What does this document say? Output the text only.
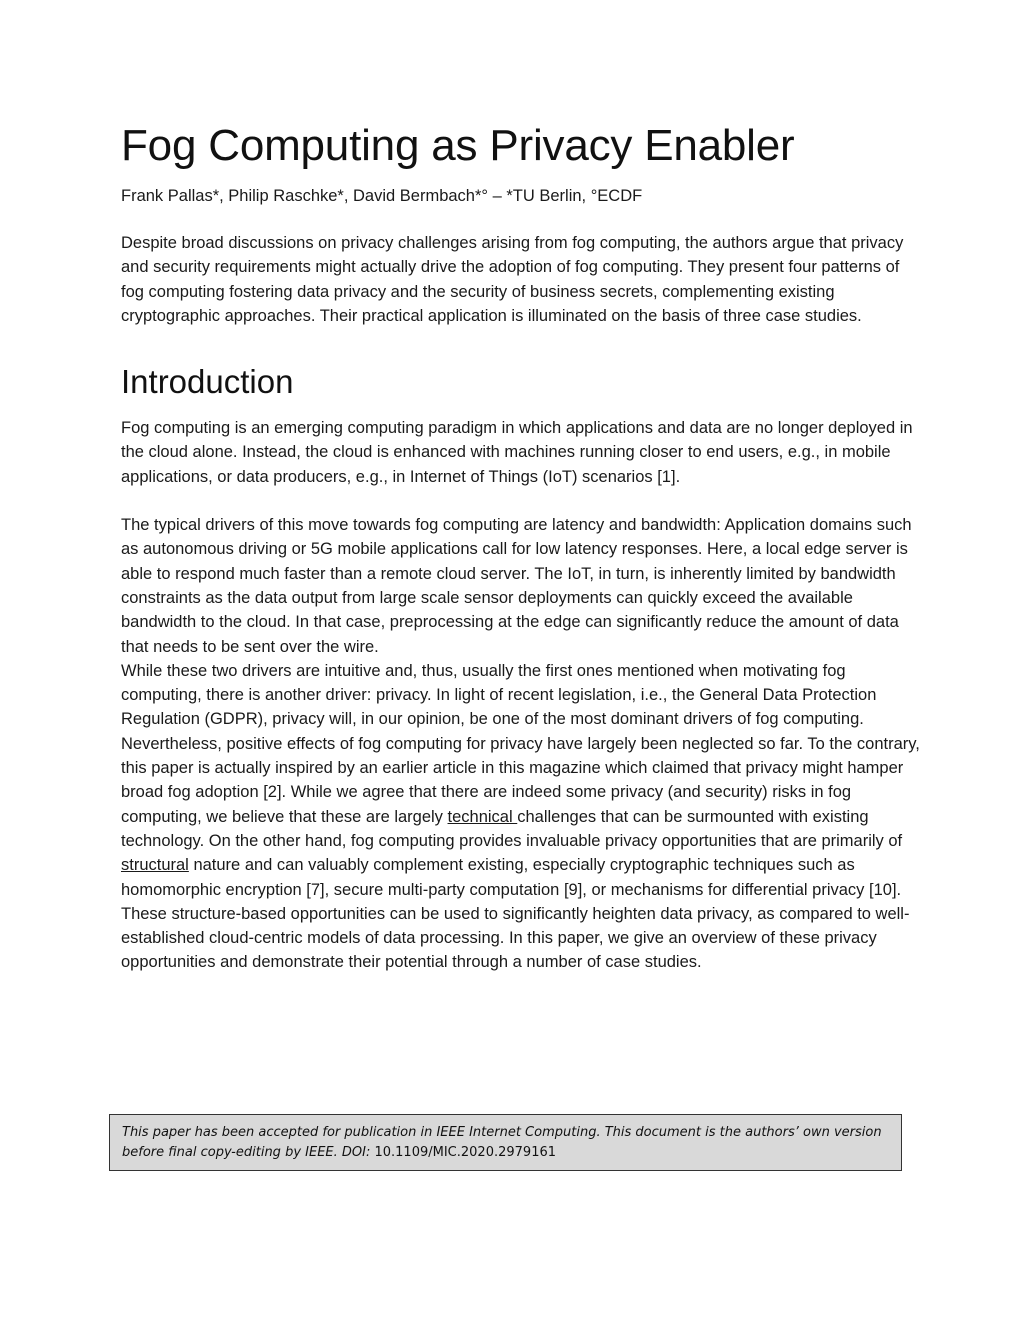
Fog Computing as Privacy Enabler

Frank Pallas*, Philip Raschke*, David Bermbach*° – *TU Berlin, °ECDF

Despite broad discussions on privacy challenges arising from fog computing, the authors argue that privacy and security requirements might actually drive the adoption of fog computing. They present four patterns of fog computing fostering data privacy and the security of business secrets, complementing existing cryptographic approaches. Their practical application is illuminated on the basis of three case studies.

Introduction

Fog computing is an emerging computing paradigm in which applications and data are no longer deployed in the cloud alone. Instead, the cloud is enhanced with machines running closer to end users, e.g., in mobile applications, or data producers, e.g., in Internet of Things (IoT) scenarios [1].

The typical drivers of this move towards fog computing are latency and bandwidth: Application domains such as autonomous driving or 5G mobile applications call for low latency responses. Here, a local edge server is able to respond much faster than a remote cloud server. The IoT, in turn, is inherently limited by bandwidth constraints as the data output from large scale sensor deployments can quickly exceed the available bandwidth to the cloud. In that case, preprocessing at the edge can significantly reduce the amount of data that needs to be sent over the wire.

While these two drivers are intuitive and, thus, usually the first ones mentioned when motivating fog computing, there is another driver: privacy. In light of recent legislation, i.e., the General Data Protection Regulation (GDPR), privacy will, in our opinion, be one of the most dominant drivers of fog computing. Nevertheless, positive effects of fog computing for privacy have largely been neglected so far. To the contrary, this paper is actually inspired by an earlier article in this magazine which claimed that privacy might hamper broad fog adoption [2]. While we agree that there are indeed some privacy (and security) risks in fog computing, we believe that these are largely technical challenges that can be surmounted with existing technology. On the other hand, fog computing provides invaluable privacy opportunities that are primarily of structural nature and can valuably complement existing, especially cryptographic techniques such as homomorphic encryption [7], secure multi-party computation [9], or mechanisms for differential privacy [10]. These structure-based opportunities can be used to significantly heighten data privacy, as compared to well-established cloud-centric models of data processing. In this paper, we give an overview of these privacy opportunities and demonstrate their potential through a number of case studies.

This paper has been accepted for publication in IEEE Internet Computing. This document is the authors’ own version before final copy-editing by IEEE. DOI: 10.1109/MIC.2020.2979161
